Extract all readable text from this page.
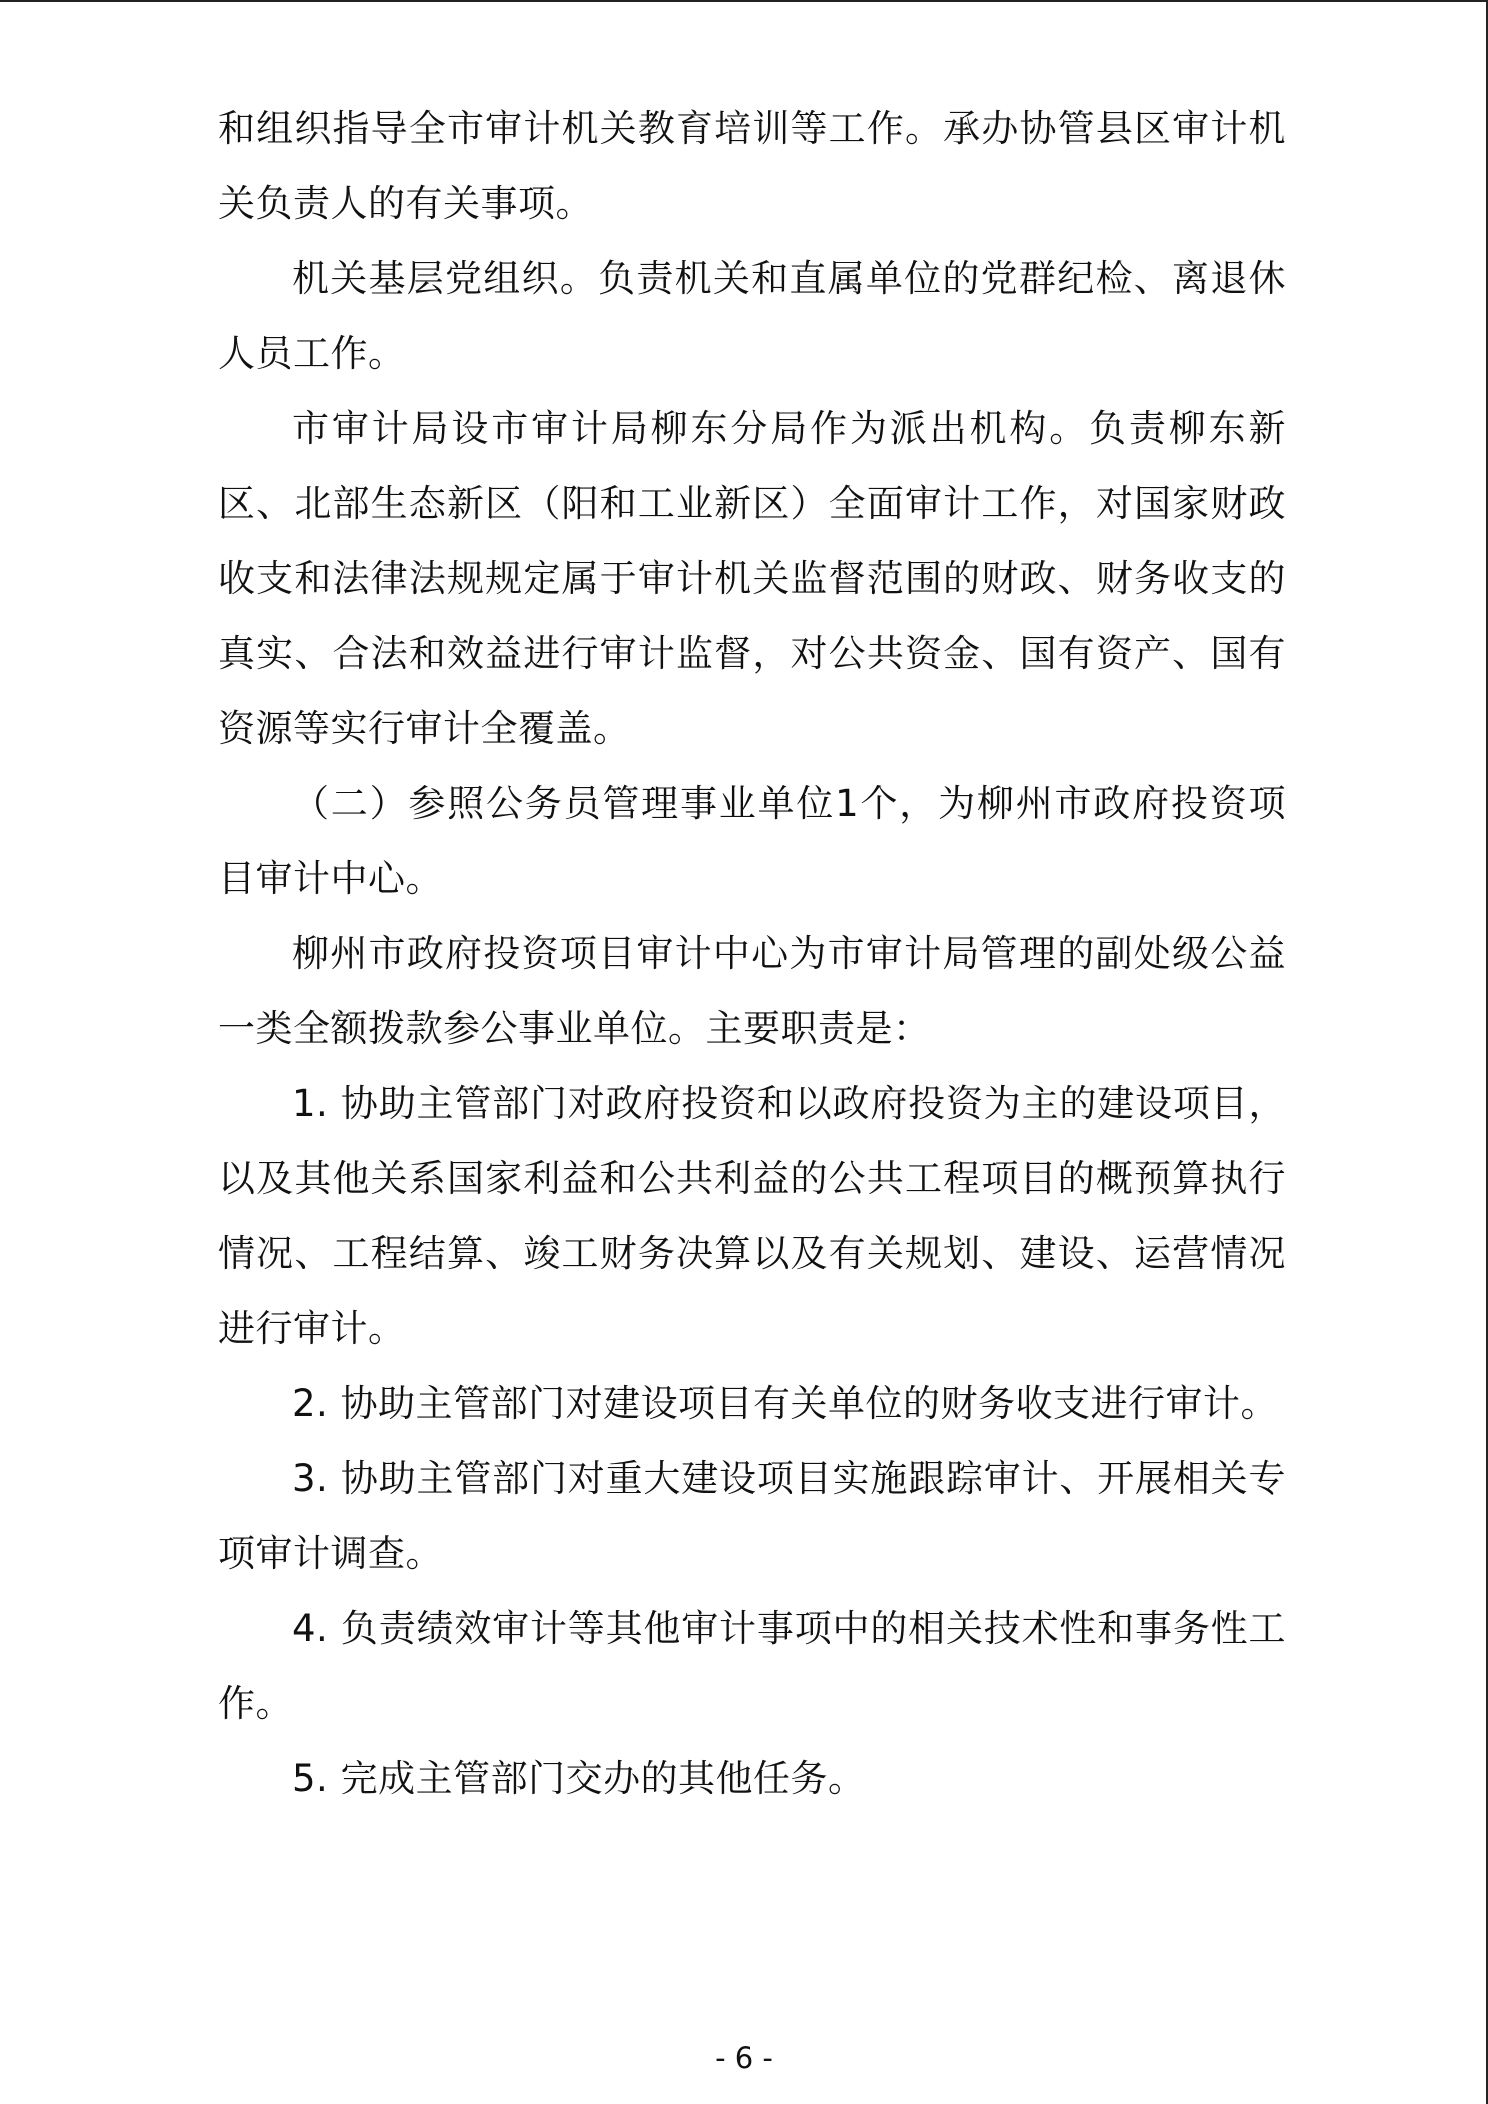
和组织指导全市审计机关教育培训等工作。承办协管县区审计机关负责人的有关事项。

机关基层党组织。负责机关和直属单位的党群纪检、离退休人员工作。

市审计局设市审计局柳东分局作为派出机构。负责柳东新区、北部生态新区（阳和工业新区）全面审计工作，对国家财政收支和法律法规规定属于审计机关监督范围的财政、财务收支的真实、合法和效益进行审计监督，对公共资金、国有资产、国有资源等实行审计全覆盖。

（二）参照公务员管理事业单位1个，为柳州市政府投资项目审计中心。

柳州市政府投资项目审计中心为市审计局管理的副处级公益一类全额拨款参公事业单位。主要职责是：

1. 协助主管部门对政府投资和以政府投资为主的建设项目，以及其他关系国家利益和公共利益的公共工程项目的概预算执行情况、工程结算、竣工财务决算以及有关规划、建设、运营情况进行审计。

2. 协助主管部门对建设项目有关单位的财务收支进行审计。

3. 协助主管部门对重大建设项目实施跟踪审计、开展相关专项审计调查。

4. 负责绩效审计等其他审计事项中的相关技术性和事务性工作。

5. 完成主管部门交办的其他任务。

- 6 -
